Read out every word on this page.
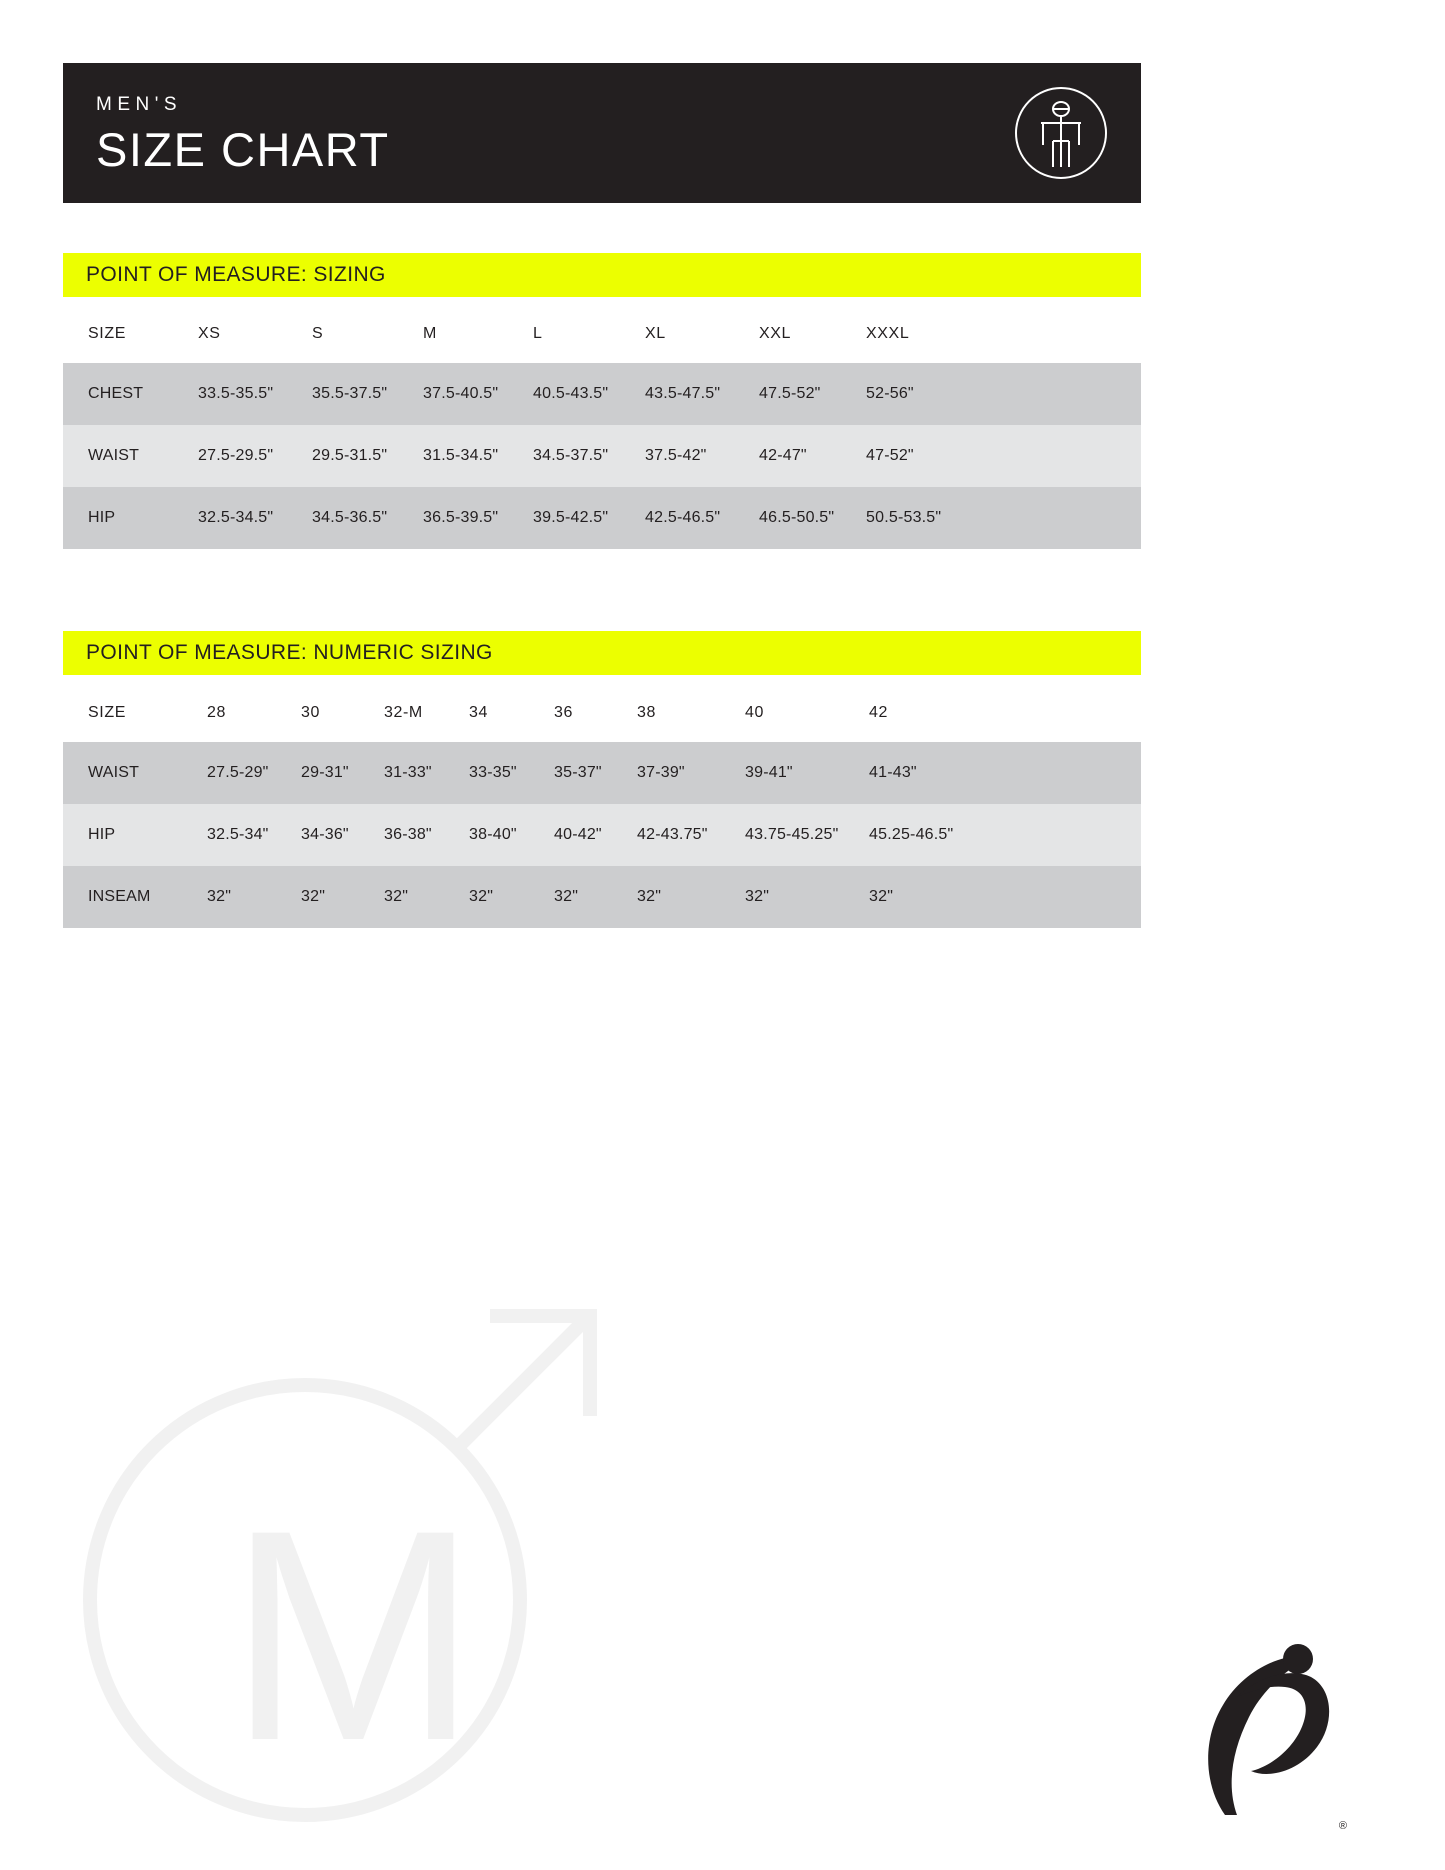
MEN'S
SIZE CHART
POINT OF MEASURE: SIZING
SIZE	XS	S	M	L	XL	XXL	XXXL
CHEST	33.5-35.5"	35.5-37.5"	37.5-40.5"	40.5-43.5"	43.5-47.5"	47.5-52"	52-56"
WAIST	27.5-29.5"	29.5-31.5"	31.5-34.5"	34.5-37.5"	37.5-42"	42-47"	47-52"
HIP	32.5-34.5"	34.5-36.5"	36.5-39.5"	39.5-42.5"	42.5-46.5"	46.5-50.5"	50.5-53.5"
POINT OF MEASURE: NUMERIC SIZING
SIZE	28	30	32-M	34	36	38	40	42
WAIST	27.5-29"	29-31"	31-33"	33-35"	35-37"	37-39"	39-41"	41-43"
HIP	32.5-34"	34-36"	36-38"	38-40"	40-42"	42-43.75"	43.75-45.25"	45.25-46.5"
INSEAM	32"	32"	32"	32"	32"	32"	32"	32"
M
®
